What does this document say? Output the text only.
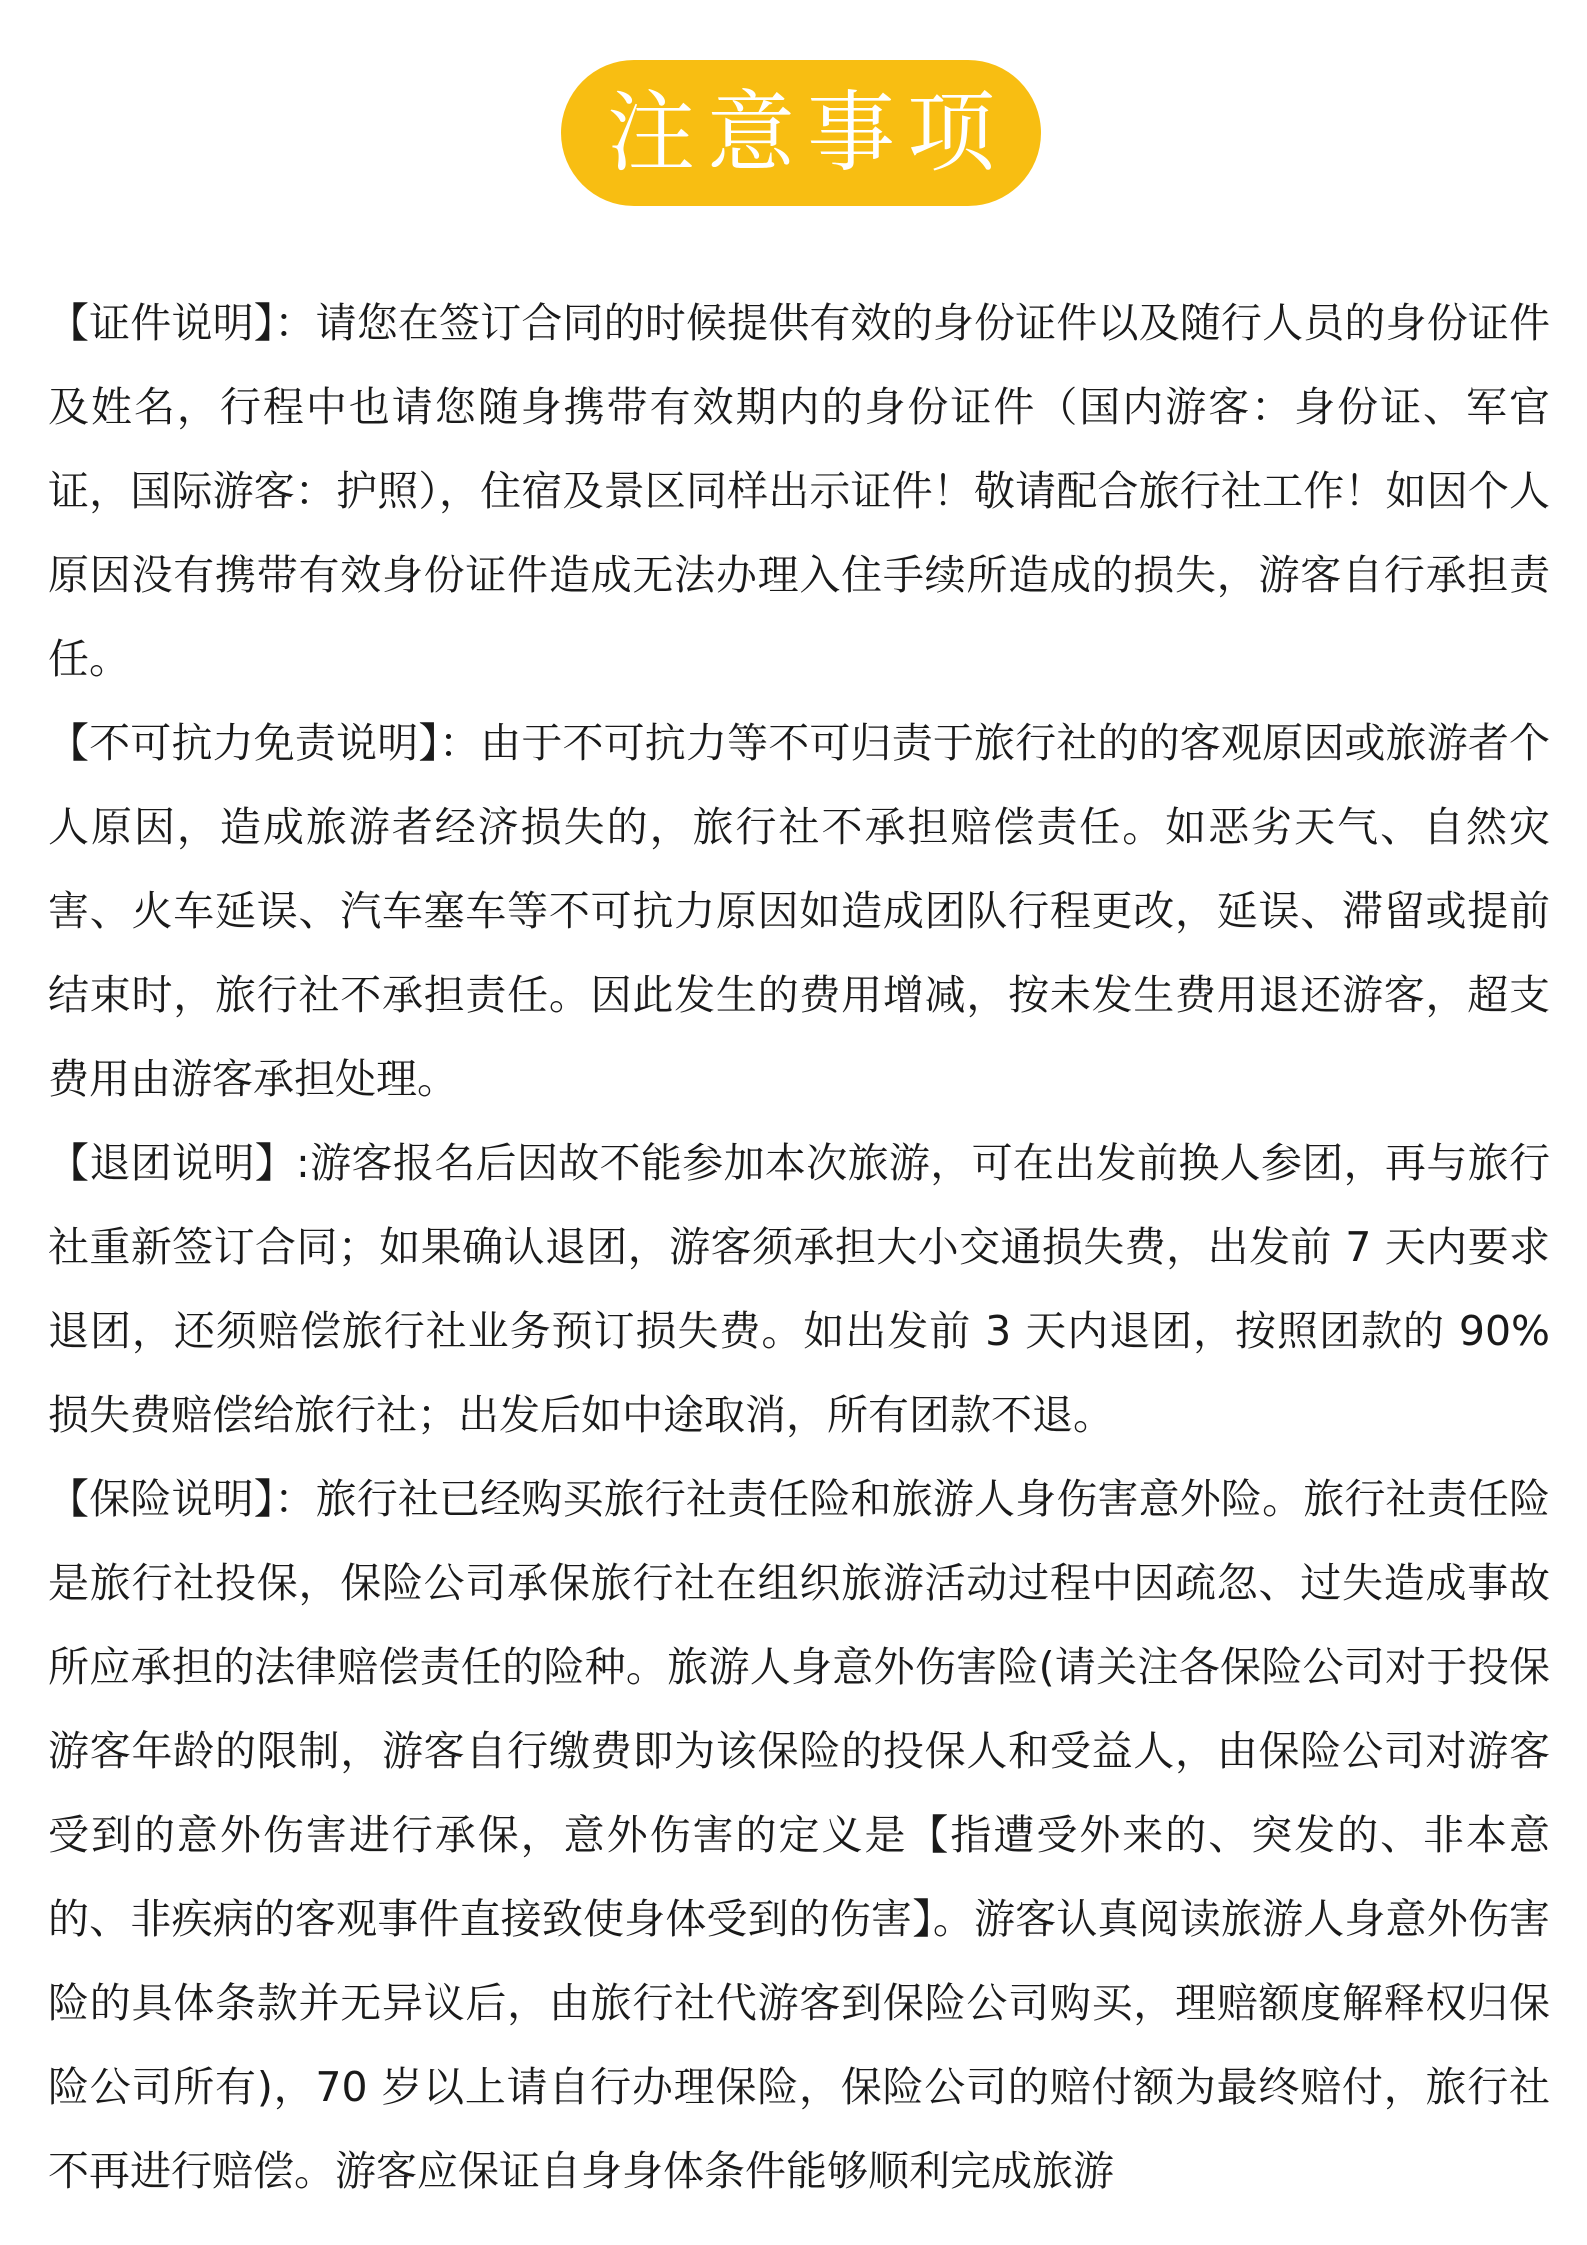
注意事项

【证件说明】：请您在签订合同的时候提供有效的身份证件以及随行人员的身份证件及姓名，行程中也请您随身携带有效期内的身份证件（国内游客：身份证、军官证，国际游客：护照），住宿及景区同样出示证件！敬请配合旅行社工作！如因个人原因没有携带有效身份证件造成无法办理入住手续所造成的损失，游客自行承担责任。

【不可抗力免责说明】：由于不可抗力等不可归责于旅行社的的客观原因或旅游者个人原因，造成旅游者经济损失的，旅行社不承担赔偿责任。如恶劣天气、自然灾害、火车延误、汽车塞车等不可抗力原因如造成团队行程更改，延误、滞留或提前结束时，旅行社不承担责任。因此发生的费用增减，按未发生费用退还游客，超支费用由游客承担处理。

【退团说明】:游客报名后因故不能参加本次旅游，可在出发前换人参团，再与旅行社重新签订合同；如果确认退团，游客须承担大小交通损失费，出发前 7 天内要求退团，还须赔偿旅行社业务预订损失费。如出发前 3 天内退团，按照团款的 90%损失费赔偿给旅行社；出发后如中途取消，所有团款不退。

【保险说明】：旅行社已经购买旅行社责任险和旅游人身伤害意外险。旅行社责任险是旅行社投保，保险公司承保旅行社在组织旅游活动过程中因疏忽、过失造成事故所应承担的法律赔偿责任的险种。旅游人身意外伤害险(请关注各保险公司对于投保游客年龄的限制，游客自行缴费即为该保险的投保人和受益人，由保险公司对游客受到的意外伤害进行承保，意外伤害的定义是【指遭受外来的、突发的、非本意的、非疾病的客观事件直接致使身体受到的伤害】。游客认真阅读旅游人身意外伤害险的具体条款并无异议后，由旅行社代游客到保险公司购买，理赔额度解释权归保险公司所有)，70 岁以上请自行办理保险，保险公司的赔付额为最终赔付，旅行社不再进行赔偿。游客应保证自身身体条件能够顺利完成旅游
